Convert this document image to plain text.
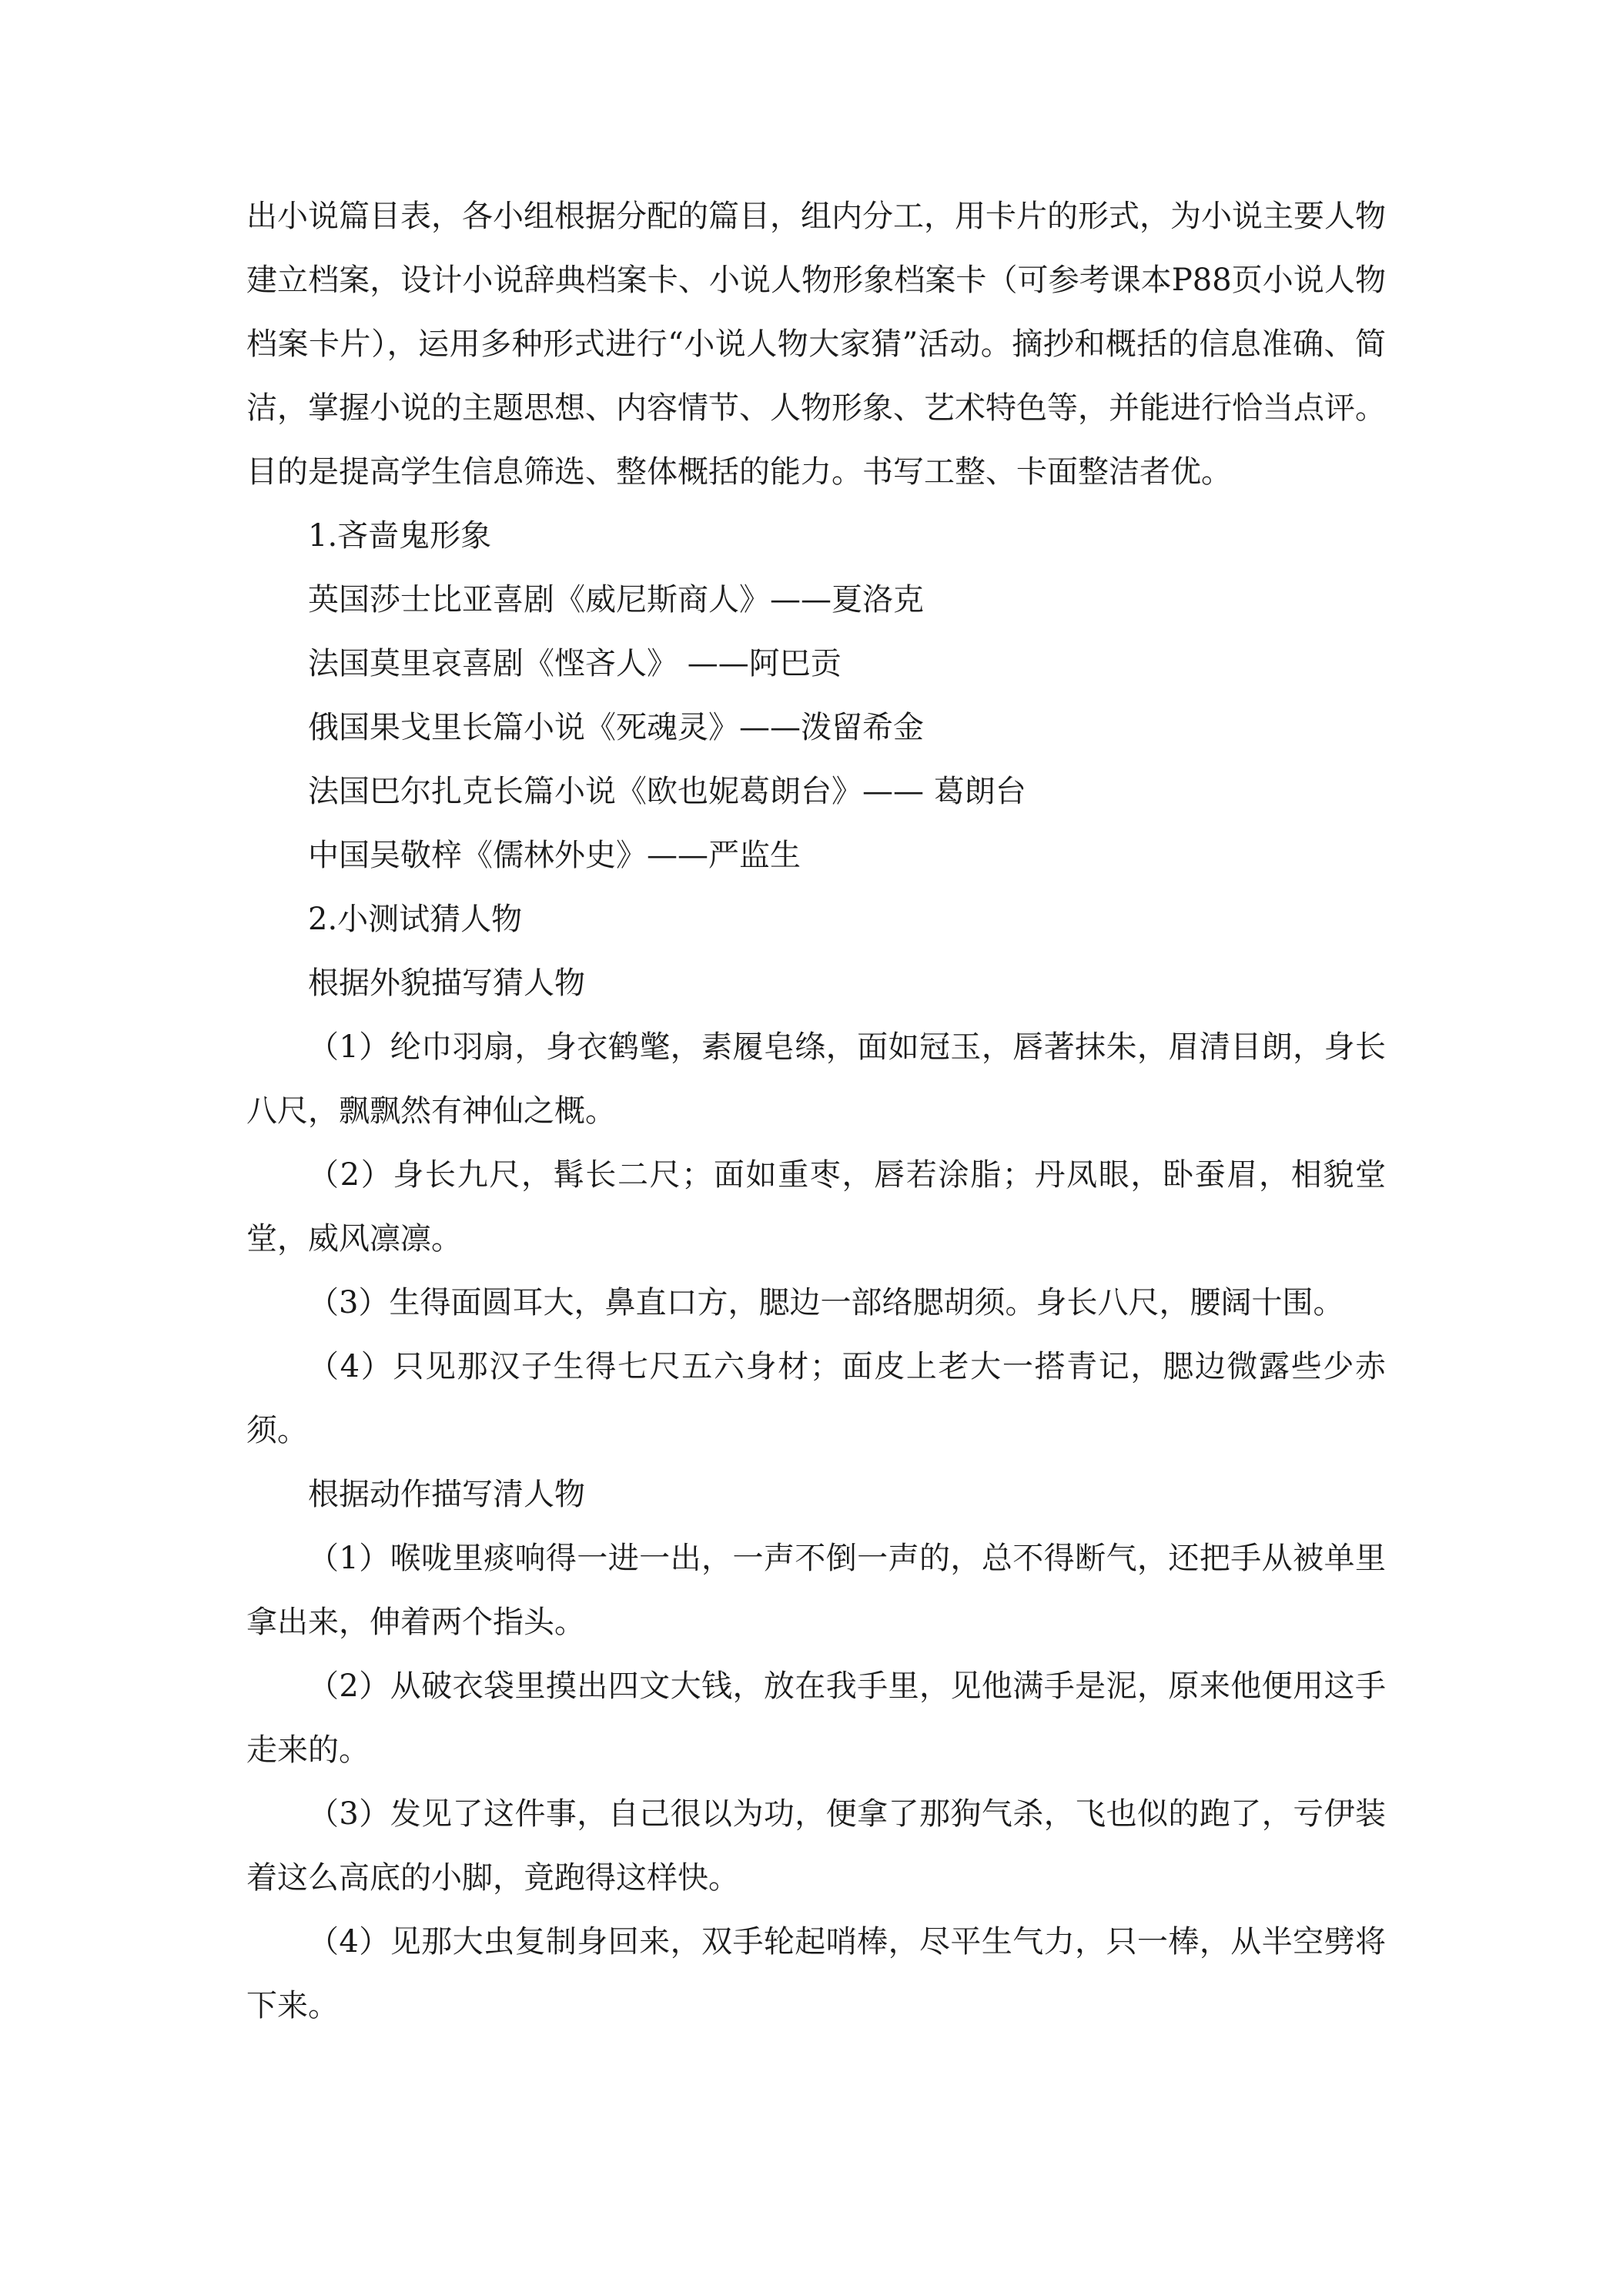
出小说篇目表，各小组根据分配的篇目，组内分工，用卡片的形式，为小说主要人物建立档案，设计小说辞典档案卡、小说人物形象档案卡（可参考课本P88页小说人物档案卡片），运用多种形式进行“小说人物大家猜”活动。摘抄和概括的信息准确、简洁，掌握小说的主题思想、内容情节、人物形象、艺术特色等，并能进行恰当点评。目的是提高学生信息筛选、整体概括的能力。书写工整、卡面整洁者优。

1.吝啬鬼形象

英国莎士比亚喜剧《威尼斯商人》——夏洛克

法国莫里哀喜剧《悭吝人》 ——阿巴贡

俄国果戈里长篇小说《死魂灵》——泼留希金

法国巴尔扎克长篇小说《欧也妮葛朗台》—— 葛朗台

中国吴敬梓《儒林外史》——严监生

2.小测试猜人物

根据外貌描写猜人物

（1）纶巾羽扇，身衣鹤氅，素履皂绦，面如冠玉，唇著抹朱，眉清目朗，身长八尺，飘飘然有神仙之概。

（2）身长九尺，髯长二尺；面如重枣，唇若涂脂；丹凤眼，卧蚕眉，相貌堂堂，威风凛凛。

（3）生得面圆耳大，鼻直口方，腮边一部络腮胡须。身长八尺，腰阔十围。

（4）只见那汉子生得七尺五六身材；面皮上老大一搭青记，腮边微露些少赤须。

根据动作描写清人物

（1）喉咙里痰响得一进一出，一声不倒一声的，总不得断气，还把手从被单里拿出来，伸着两个指头。

（2）从破衣袋里摸出四文大钱，放在我手里，见他满手是泥，原来他便用这手走来的。

（3）发见了这件事，自己很以为功，便拿了那狗气杀，飞也似的跑了，亏伊装着这么高底的小脚，竟跑得这样快。

（4）见那大虫复制身回来，双手轮起哨棒，尽平生气力，只一棒，从半空劈将下来。
